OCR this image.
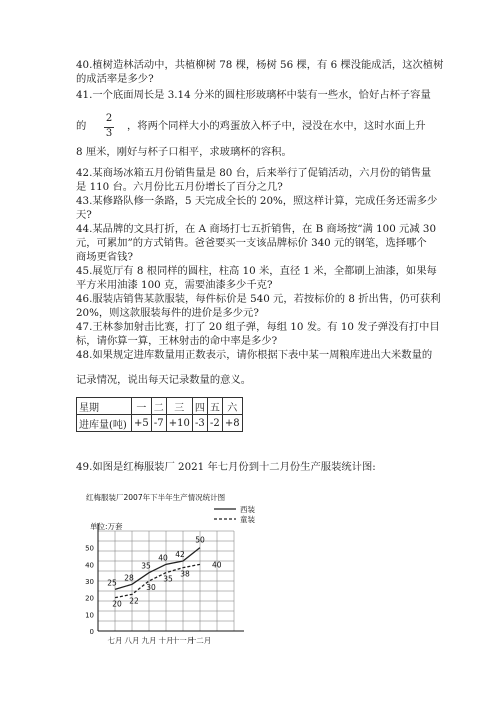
40.植树造林活动中，共植柳树 78 棵，杨树 56 棵，有 6 棵没能成活，这次植树
的成活率是多少?
41.一个底面周长是 3.14 分米的圆柱形玻璃杯中装有一些水，恰好占杯子容量
的
2
3
，将两个同样大小的鸡蛋放入杯子中，浸没在水中，这时水面上升
8 厘米，刚好与杯子口相平，求玻璃杯的容积。
42.某商场冰箱五月份销售量是 80 台，后来举行了促销活动，六月份的销售量
是 110 台。六月份比五月份增长了百分之几?
43.某修路队修一条路，5 天完成全长的 20%，照这样计算，完成任务还需多少
天?
44.某品牌的文具打折，在 A 商场打七五折销售，在 B 商场按“满 100 元减 30
元，可累加”的方式销售。爸爸要买一支该品牌标价 340 元的钢笔，选择哪个
商场更省钱?
45.展览厅有 8 根同样的圆柱，柱高 10 米，直径 1 米，全都刷上油漆，如果每
平方米用油漆 100 克，需要油漆多少千克?
46.服装店销售某款服装，每件标价是 540 元，若按标价的 8 折出售，仍可获利
20%，则这款服装每件的进价是多少元?
47.王林参加射击比赛，打了 20 组子弹，每组 10 发。有 10 发子弹没有打中目
标，请你算一算，王林射击的命中率是多少?
48.如果规定进库数量用正数表示，请你根据下表中某一周粮库进出大米数量的
记录情况，说出每天记录数量的意义。
星期	一	二	三	四	五	六
进库量(吨)	+5	-7	+10	-3	-2	+8
49.如图是红梅服装厂 2021 年七月份到十二月份生产服装统计图:
红梅服装厂2007年下半年生产情况统计图
单位:万套
西装
童装
0
10
20
30
40
50
七月 八月 九月 十月
十一月
十二月
25
28
35
40 42
50
20 22
30
35
38
40
